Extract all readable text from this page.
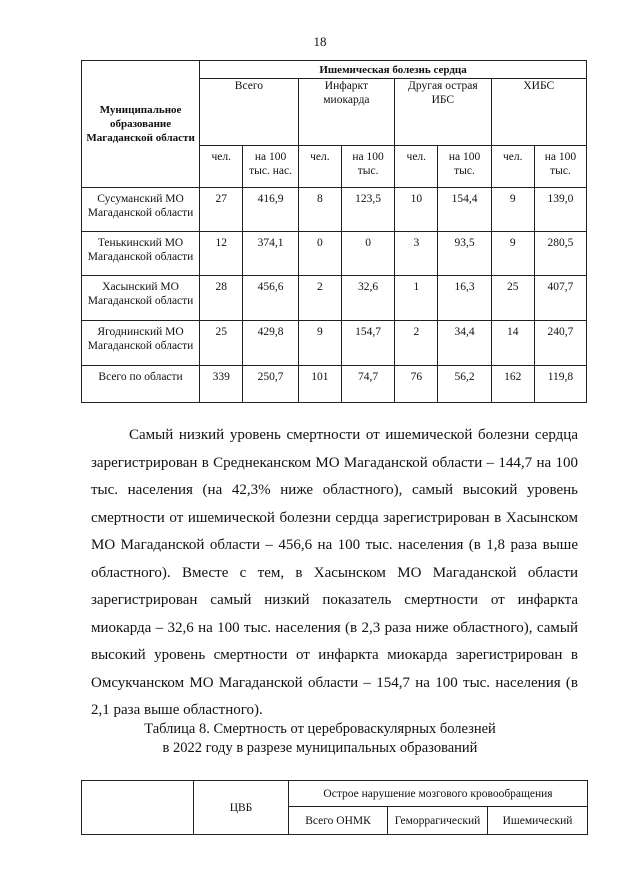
18
Муниципальное образование Магаданской области	Ишемическая болезнь сердца							
	Всего		Инфаркт миокарда		Другая острая ИБС		ХИБС	
	чел.	на 100 тыс. нас.	чел.	на 100 тыс.	чел.	на 100 тыс.	чел.	на 100 тыс.
Сусуманский МО Магаданской области	27	416,9	8	123,5	10	154,4	9	139,0
Тенькинский МО Магаданской области	12	374,1	0	0	3	93,5	9	280,5
Хасынский МО Магаданской области	28	456,6	2	32,6	1	16,3	25	407,7
Ягоднинский МО Магаданской области	25	429,8	9	154,7	2	34,4	14	240,7
Всего по области	339	250,7	101	74,7	76	56,2	162	119,8

Самый низкий уровень смертности от ишемической болезни сердца зарегистрирован в Среднеканском МО Магаданской области – 144,7 на 100 тыс. населения (на 42,3% ниже областного), самый высокий уровень смертности от ишемической болезни сердца зарегистрирован в Хасынском МО Магаданской области – 456,6 на 100 тыс. населения (в 1,8 раза выше областного). Вместе с тем, в Хасынском МО Магаданской области зарегистрирован самый низкий показатель смертности от инфаркта миокарда – 32,6 на 100 тыс. населения (в 2,3 раза ниже областного), самый высокий уровень смертности от инфаркта миокарда зарегистрирован в Омсукчанском МО Магаданской области – 154,7 на 100 тыс. населения (в 2,1 раза выше областного).

Таблица 8. Смертность от цереброваскулярных болезней
в 2022 году в разрезе муниципальных образований
	ЦВБ	Острое нарушение мозгового кровообращения		
		Всего ОНМК	Геморрагический	Ишемический
